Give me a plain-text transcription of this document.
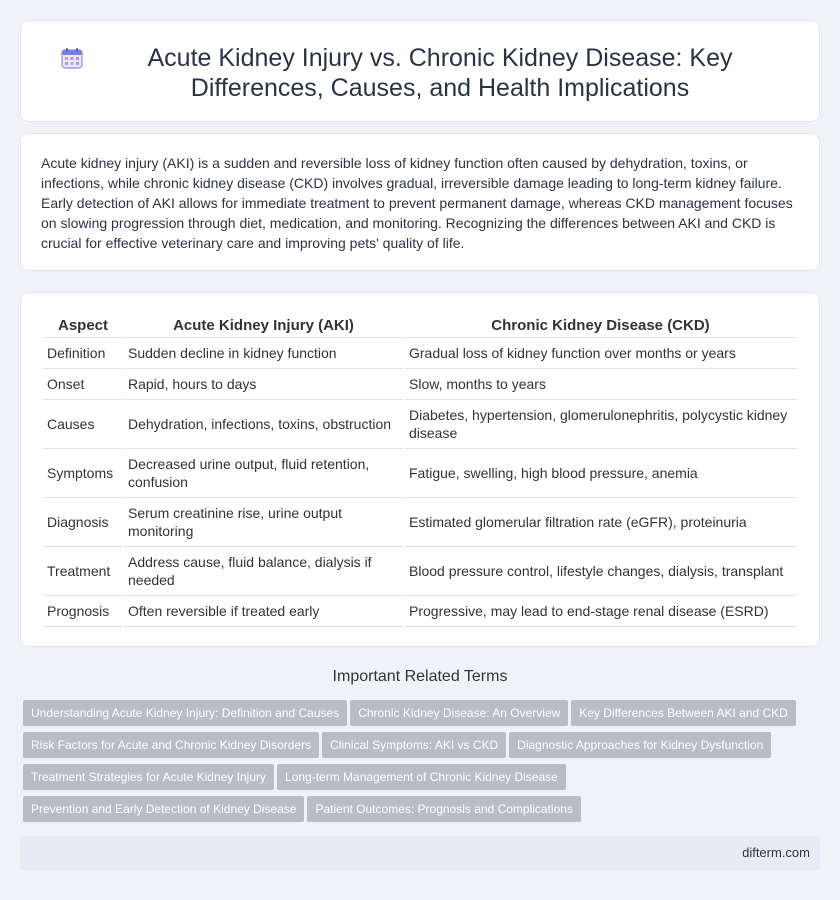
Acute Kidney Injury vs. Chronic Kidney Disease: Key Differences, Causes, and Health Implications

Acute kidney injury (AKI) is a sudden and reversible loss of kidney function often caused by dehydration, toxins, or infections, while chronic kidney disease (CKD) involves gradual, irreversible damage leading to long-term kidney failure. Early detection of AKI allows for immediate treatment to prevent permanent damage, whereas CKD management focuses on slowing progression through diet, medication, and monitoring. Recognizing the differences between AKI and CKD is crucial for effective veterinary care and improving pets' quality of life.

Aspect	Acute Kidney Injury (AKI)	Chronic Kidney Disease (CKD)
Definition	Sudden decline in kidney function	Gradual loss of kidney function over months or years
Onset	Rapid, hours to days	Slow, months to years
Causes	Dehydration, infections, toxins, obstruction	Diabetes, hypertension, glomerulonephritis, polycystic kidney disease
Symptoms	Decreased urine output, fluid retention, confusion	Fatigue, swelling, high blood pressure, anemia
Diagnosis	Serum creatinine rise, urine output monitoring	Estimated glomerular filtration rate (eGFR), proteinuria
Treatment	Address cause, fluid balance, dialysis if needed	Blood pressure control, lifestyle changes, dialysis, transplant
Prognosis	Often reversible if treated early	Progressive, may lead to end-stage renal disease (ESRD)
Important Related Terms
Understanding Acute Kidney Injury: Definition and Causes Chronic Kidney Disease: An Overview Key Differences Between AKI and CKD Risk Factors for Acute and Chronic Kidney Disorders Clinical Symptoms: AKI vs CKD Diagnostic Approaches for Kidney Dysfunction Treatment Strategies for Acute Kidney Injury Long-term Management of Chronic Kidney Disease Prevention and Early Detection of Kidney Disease Patient Outcomes: Prognosis and Complications
difterm.com
